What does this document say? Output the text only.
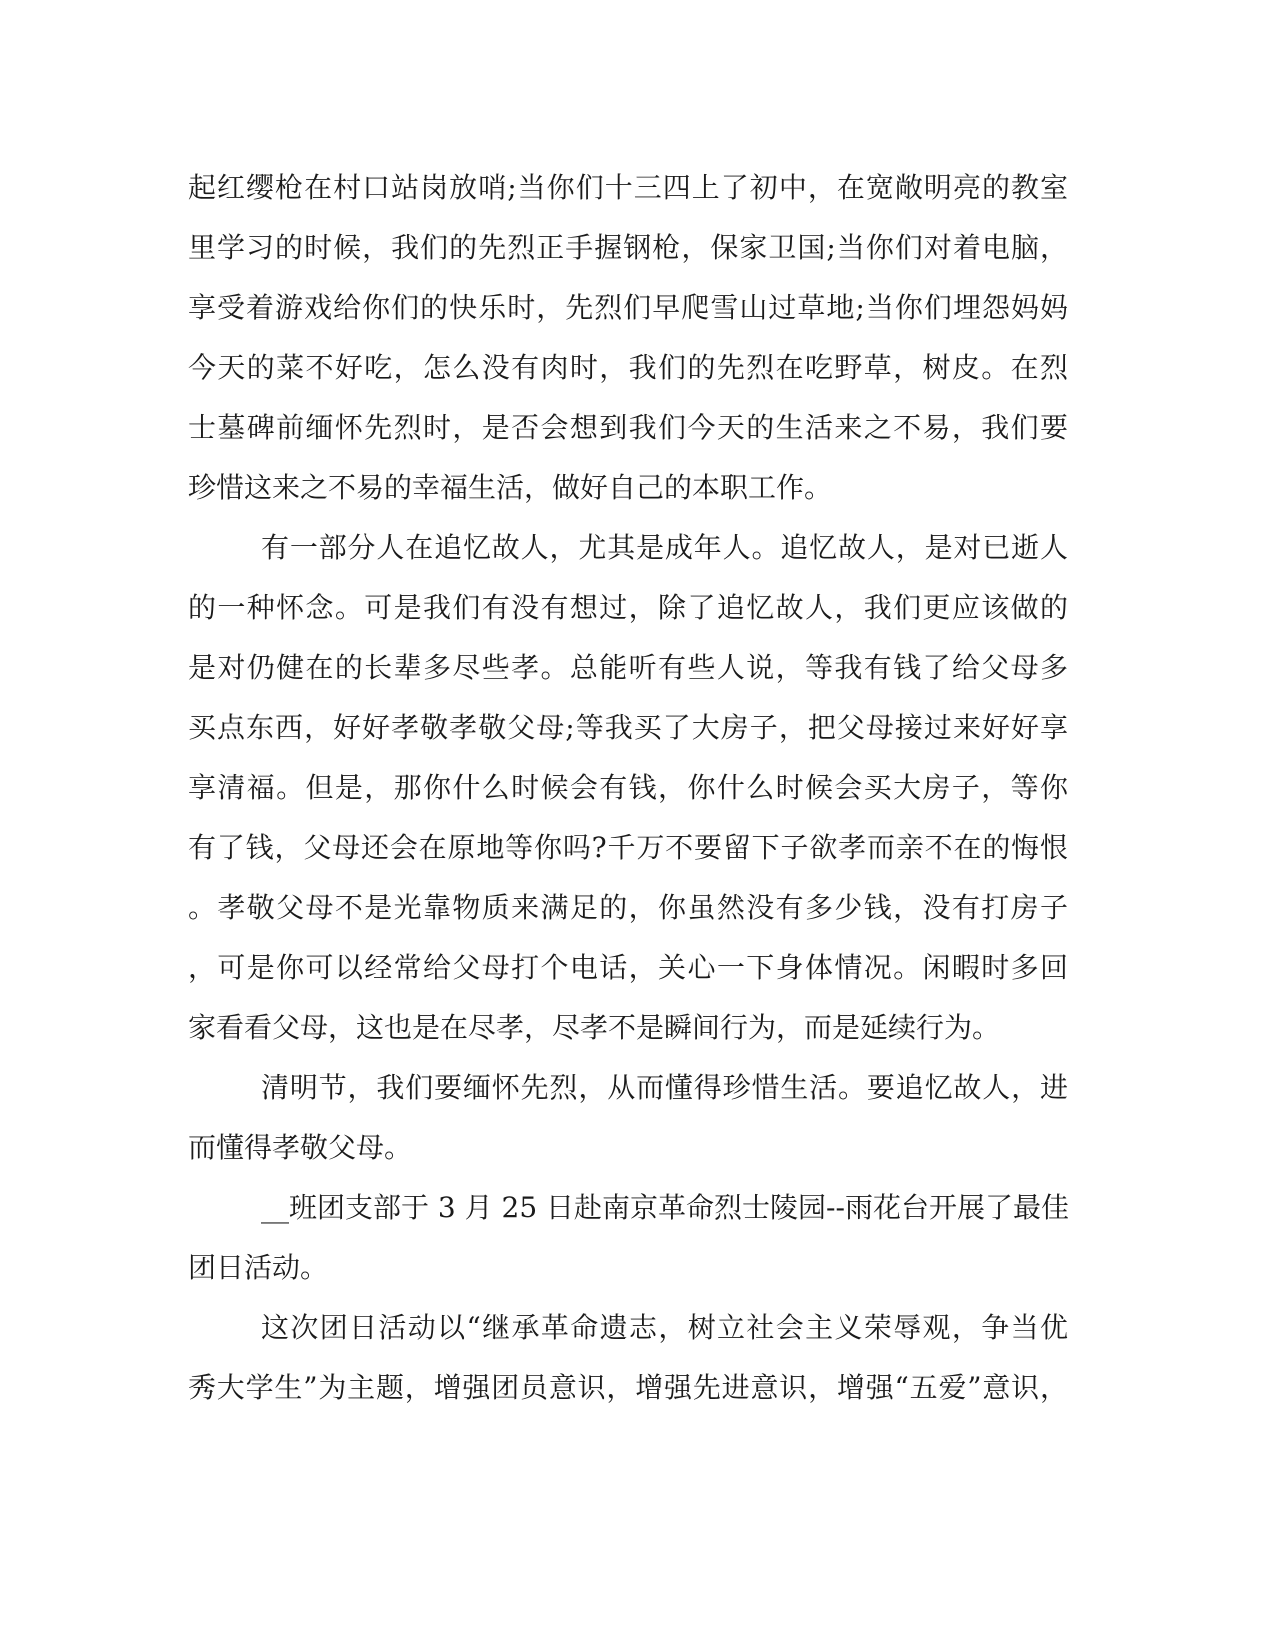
起红缨枪在村口站岗放哨;当你们十三四上了初中，在宽敞明亮的教室
里学习的时候，我们的先烈正手握钢枪，保家卫国;当你们对着电脑，
享受着游戏给你们的快乐时，先烈们早爬雪山过草地;当你们埋怨妈妈
今天的菜不好吃，怎么没有肉时，我们的先烈在吃野草，树皮。在烈
士墓碑前缅怀先烈时，是否会想到我们今天的生活来之不易，我们要
珍惜这来之不易的幸福生活，做好自己的本职工作。
有一部分人在追忆故人，尤其是成年人。追忆故人，是对已逝人
的一种怀念。可是我们有没有想过，除了追忆故人，我们更应该做的
是对仍健在的长辈多尽些孝。总能听有些人说，等我有钱了给父母多
买点东西，好好孝敬孝敬父母;等我买了大房子，把父母接过来好好享
享清福。但是，那你什么时候会有钱，你什么时候会买大房子，等你
有了钱，父母还会在原地等你吗?千万不要留下子欲孝而亲不在的悔恨
。孝敬父母不是光靠物质来满足的，你虽然没有多少钱，没有打房子
，可是你可以经常给父母打个电话，关心一下身体情况。闲暇时多回
家看看父母，这也是在尽孝，尽孝不是瞬间行为，而是延续行为。
清明节，我们要缅怀先烈，从而懂得珍惜生活。要追忆故人，进
而懂得孝敬父母。
__班团支部于 3 月 25 日赴南京革命烈士陵园--雨花台开展了最佳
团日活动。
这次团日活动以“继承革命遗志，树立社会主义荣辱观，争当优
秀大学生”为主题，增强团员意识，增强先进意识，增强“五爱”意识，
